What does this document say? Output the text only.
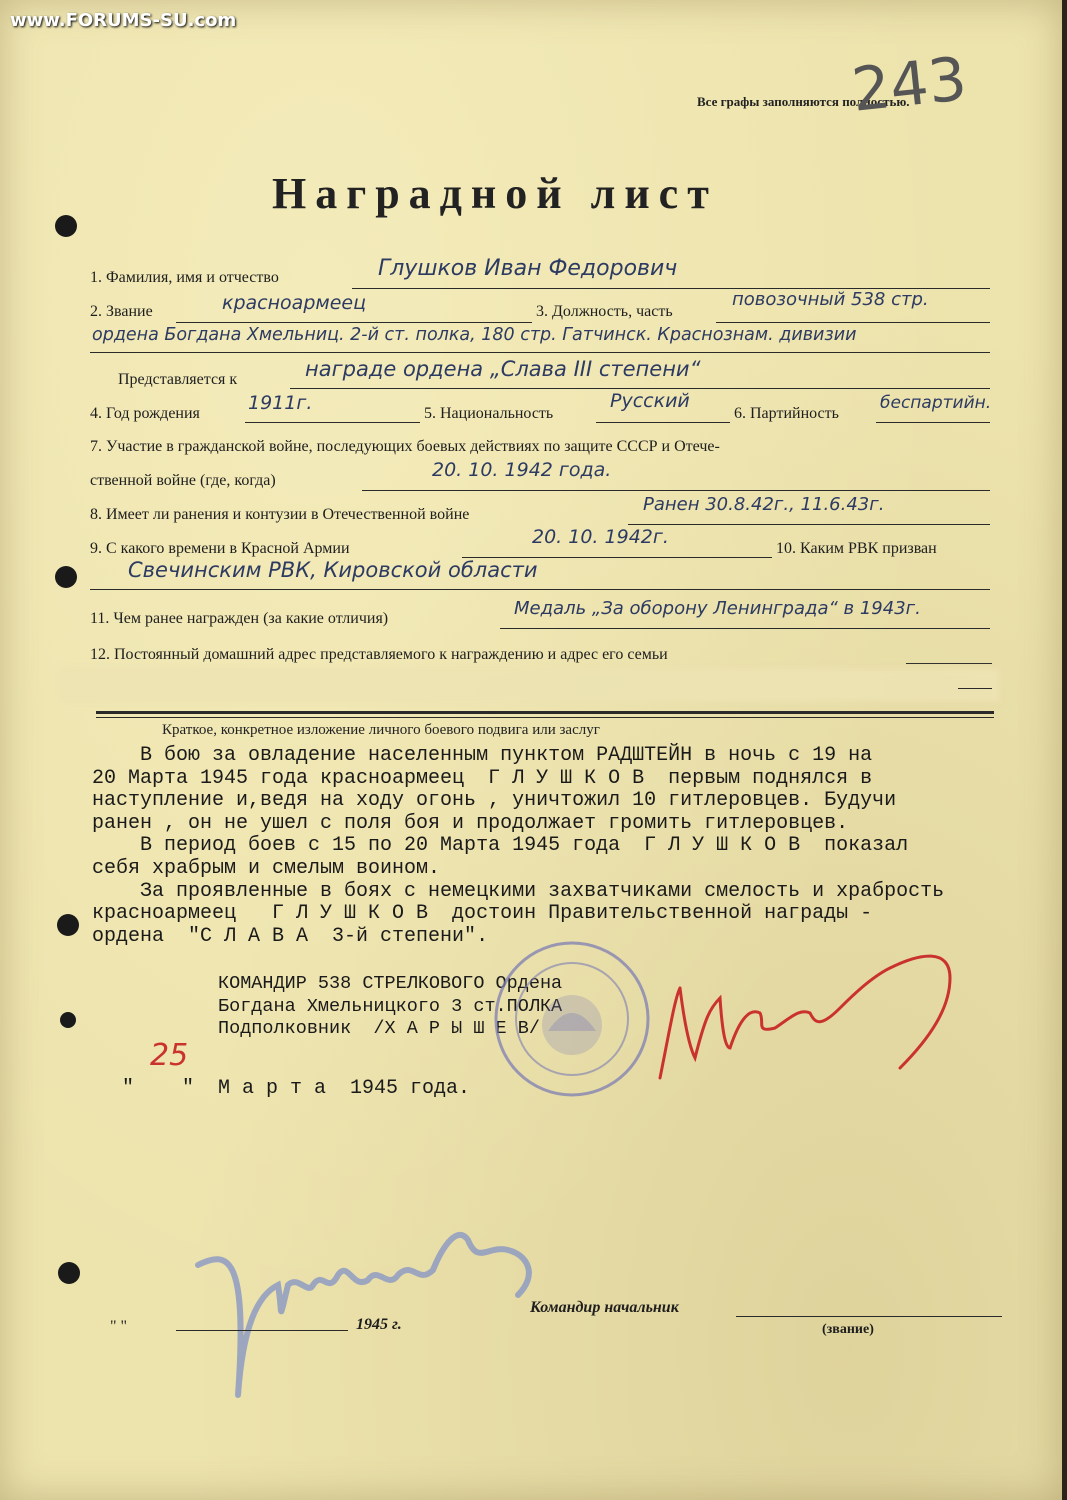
www.FORUMS-SU.com
Все графы заполняются полностью.
243
Наградной лист
1. Фамилия, имя и отчество	Глушков Иван Федорович
2. Звание	красноармеец	3. Должность, часть
повозочный 538 стр.
ордена Богдана Хмельниц. 2-й ст. полка, 180 стр. Гатчинск. Краснознам. дивизии
Представляется к	награде ордена „Слава III степени“
4. Год рождения	1911г.	5. Национальность
Русский
6. Партийность
беспартийн.
7. Участие в гражданской войне, последующих боевых действиях по защите СССР и Отече-
ственной войне (где, когда)	20. 10. 1942 года.
8. Имеет ли ранения и контузии в Отечественной войне	Ранен 30.8.42г., 11.6.43г.
9. С какого времени в Красной Армии
20. 10. 1942г.
10. Каким РВК призван
Свечинским РВК, Кировской области
11. Чем ранее награжден (за какие отличия)	Медаль „За оборону Ленинграда“ в 1943г.
12. Постоянный домашний адрес представляемого к награждению и адрес его семьи
Краткое, конкретное изложение личного боевого подвига или заслуг
В бою за овладение населенным пунктом РАДШТЕЙН в ночь с 19 на
20 Марта 1945 года красноармеец  Г Л У Ш К О В  первым поднялся в
наступление и,ведя на ходу огонь , уничтожил 10 гитлеровцев. Будучи
ранен , он не ушел с поля боя и продолжает громить гитлеровцев.
В период боев с 15 по 20 Марта 1945 года  Г Л У Ш К О В  показал
себя храбрым и смелым воином.
За проявленные в боях с немецкими захватчиками смелость и храбрость
красноармеец   Г Л У Ш К О В  достоин Правительственной награды -
ордена  "С Л А В А  3-й степени".
КОМАНДИР 538 СТРЕЛКОВОГО Ордена
Богдана Хмельницкого 3 ст.ПОЛКА
Подполковник  /Х А Р Ы Ш Е В/
25
"    "  М а р т а  1945 года.
" "	1945 г.
Командир начальник
(звание)
